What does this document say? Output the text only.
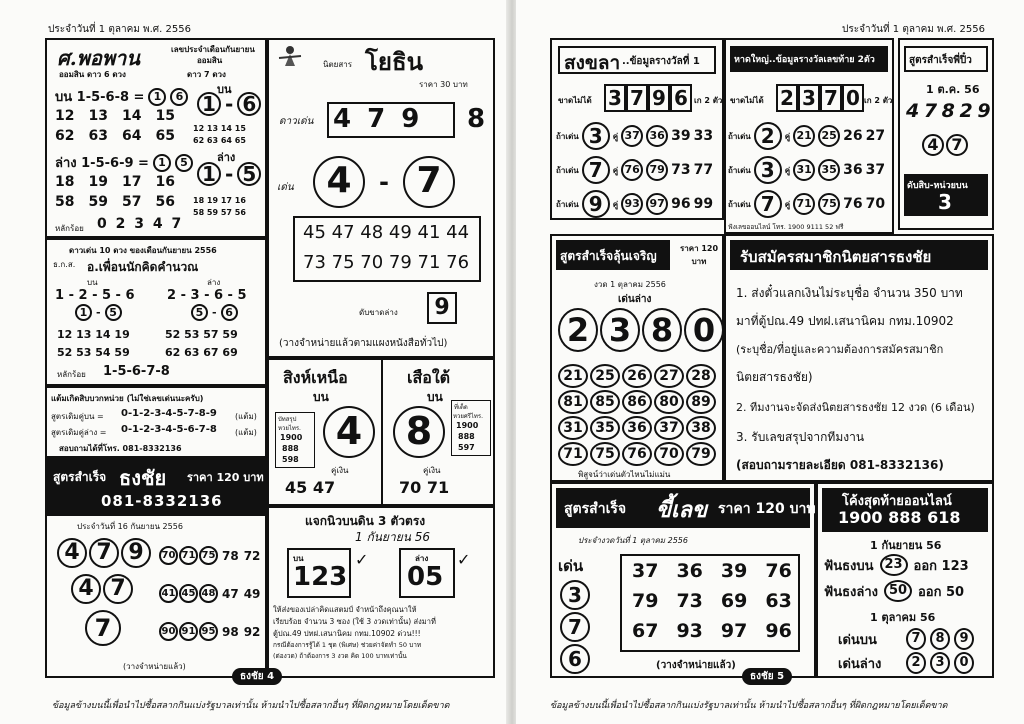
ประจำวันที่ 1 ตุลาคม พ.ศ. 2556
ศ.พอพาน	เลขประจำเดือนกันยายน
ออมสิน ดาว 6 ดวง
ออมสิน
ดาว 7 ดวง
บน
บน 1-5-6-8 = 1	6
12 13 14 15
62 63 64 65
1 - 6
12 13 14 15
62 63 64 65
ล่าง 1-5-6-9 = 1	5	ล่าง
18 19 17 16
58 59 57 56
1 - 5
18 19 17 16
58 59 57 56
หลักร้อย 0 2 3 4 7
นิตยสาร โยธิน
ราคา 30 บาท
ดาวเด่น 4 7 9 8
เด่น 4	- 7
45 47 48 49 41 44
73 75 70 79 71 76
ดับขาดล่าง	9
(วางจำหน่ายแล้วตามแผงหนังสือทั่วไป)
ดาวเด่น 10 ดวง ของเดือนกันยายน 2556
ธ.ก.ส. อ.เพื่อนนักคิดคำนวณ
บน	ล่าง
1 - 2 - 5 - 6 2 - 3 - 6 - 5
1 - 5	5 - 6
12 13 14 19
52 53 54 59
52 53 57 59
62 63 67 69
หลักร้อย 1-5-6-7-8
แต้มเกิดสิบบวกหน่วย (ไม่ใช่เลขเด่นนะครับ)
สูตรเดิมคู่บน = 0-1-2-3-4-5-7-8-9 (แต้ม)
สูตรเดิมคู่ล่าง = 0-1-2-3-4-5-6-7-8 (แต้ม)
สอบถามได้ที่โทร. 081-8332136
สิงห์เหนือ	เสือใต้
บน	บน
4	8
บัทสรุป
หวยไทร.
1900
888
598
ที่เด็ด
หวยศรีไทร.
1900
888
597
คู่เงิน	คู่เงิน
45 47	70 71
สูตรสำเร็จ ธงชัย ราคา 120 บาท
081-8332136
ประจำวันที่ 16 กันยายน 2556
4 7 9
4 7
7
70 71 75 78 72
41 45 48 47 49
90 91 95 98 92
(วางจำหน่ายแล้ว)
แจกนิวบนดิน 3 ตัวตรง
1 กันยายน 56
บน
123
✓	ล่าง
05
✓
ให้ส่งของเปล่าคิดแสตมป์ จำหน้าถึงคุณนาให้
เรียบร้อย จำนวน 3 ซอง (ใช้ 3 งวดเท่านั้น) ส่งมาที่
ตู้ปณ.49 ปทฝ.เสนานิคม กทม.10902 ด่วน!!!
กรณีต้องการรู้ได้ 1 ชุด (พิเศษ) ช่วยค่าจัดทำ 50 บาท
(ต่องวด) ถ้าต้องการ 3 งวด คิด 100 บาทเท่านั้น
ธงชัย 4
ข้อมูลข้างบนนี้เพื่อนำไปซื้อสลากกินแบ่งรัฐบาลเท่านั้น ห้ามนำไปซื้อสลากอื่นๆ ที่ผิดกฎหมายโดยเด็ดขาด
ประจำวันที่ 1 ตุลาคม พ.ศ. 2556
สงขลา ..ข้อมูลรางวัลที่ 1
ขาดไม่ได้ 3 7 9 6 เก 2 ตัว
ถ้าเด่น 3	คู่ 37 36 39 33
ถ้าเด่น 7	คู่ 76 79 73 77
ถ้าเด่น 9	คู่ 93 97 96 99
หาดใหญ่..ข้อมูลรางวัลเลขท้าย 2ตัว
ขาดไม่ได้ 2 3 7 0 เก 2 ตัว
ถ้าเด่น 2	คู่ 21 25 26 27
ถ้าเด่น 3	คู่ 31 35 36 37
ถ้าเด่น 7	คู่ 71 75 76 70
ฟังเลขออนไลน์ โทร. 1900 9111 52 ฟรี
สูตรสำเร็จพี่ปิ๋ว
1 ต.ค. 56
4 7 8 2 9
4 7
ดับสิบ-หน่วยบน
3
สูตรสำเร็จลุ้นเจริญ
ราคา 120 บาท
งวด 1 ตุลาคม 2556
เด่นล่าง
2 3 8 0
21 25 26 27 28
81 85 86 80 89
31 35 36 37 38
71 75 76 70 79
พิสูจน์ว่าเด่นตัวไหนไม่แม่น
รับสมัครสมาชิกนิตยสารธงชัย
1. ส่งตั๋วแลกเงินไม่ระบุชื่อ จำนวน 350 บาท
มาที่ตู้ปณ.49 ปทฝ.เสนานิคม กทม.10902
(ระบุชื่อ/ที่อยู่และความต้องการสมัครสมาชิก
นิตยสารธงชัย)
2. ทีมงานจะจัดส่งนิตยสารธงชัย 12 งวด (6 เดือน)
3. รับเลขสรุปจากทีมงาน
(สอบถามรายละเอียด 081-8332136)
สูตรสำเร็จ ขี้เลข ราคา 120 บาท
ประจำงวดวันที่ 1 ตุลาคม 2556
เด่น
3
7
6
37 36 39 76
79 73 69 63
67 93 97 96
(วางจำหน่ายแล้ว)
โค้งสุดท้ายออนไลน์
1900 888 618
1 กันยายน 56
ฟันธงบน 23 ออก 123
ฟันธงล่าง 50 ออก 50
1 ตุลาคม 56
เด่นบน	7	8	9
เด่นล่าง	2	3	0
ธงชัย 5
ข้อมูลข้างบนนี้เพื่อนำไปซื้อสลากกินแบ่งรัฐบาลเท่านั้น ห้ามนำไปซื้อสลากอื่นๆ ที่ผิดกฎหมายโดยเด็ดขาด
